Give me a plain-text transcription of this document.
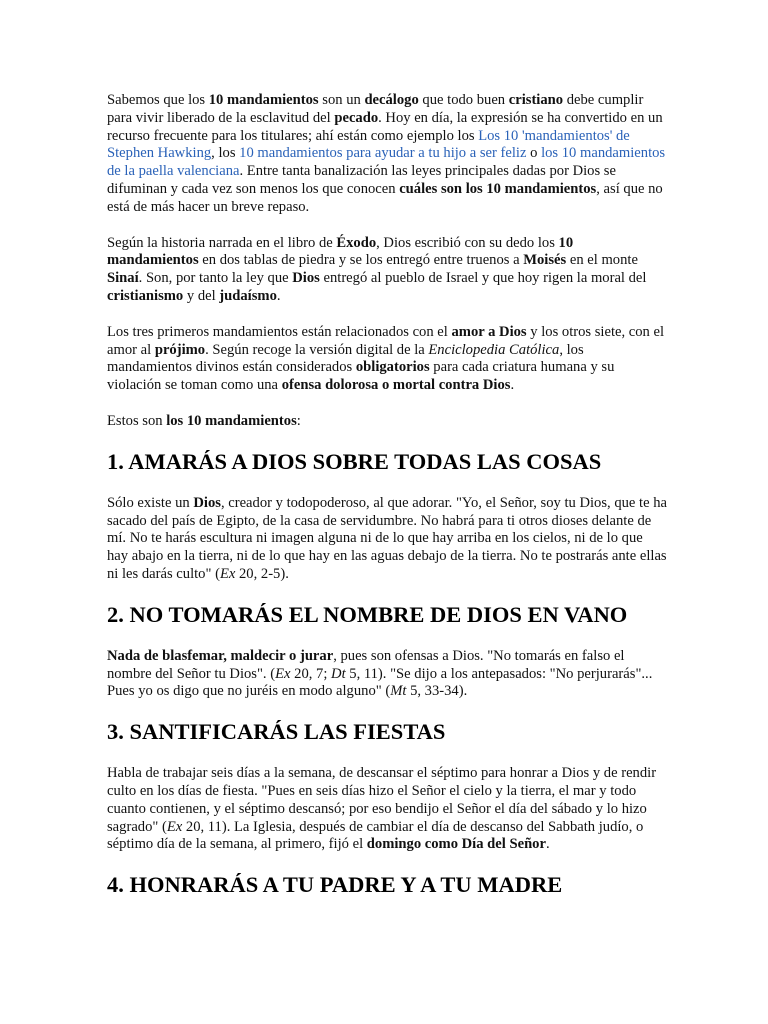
Sabemos que los 10 mandamientos son un decálogo que todo buen cristiano debe cumplir para vivir liberado de la esclavitud del pecado. Hoy en día, la expresión se ha convertido en un recurso frecuente para los titulares; ahí están como ejemplo los Los 10 'mandamientos' de Stephen Hawking, los 10 mandamientos para ayudar a tu hijo a ser feliz o los 10 mandamientos de la paella valenciana. Entre tanta banalización las leyes principales dadas por Dios se difuminan y cada vez son menos los que conocen cuáles son los 10 mandamientos, así que no está de más hacer un breve repaso.

Según la historia narrada en el libro de Éxodo, Dios escribió con su dedo los 10 mandamientos en dos tablas de piedra y se los entregó entre truenos a Moisés en el monte Sinaí. Son, por tanto la ley que Dios entregó al pueblo de Israel y que hoy rigen la moral del cristianismo y del judaísmo.

Los tres primeros mandamientos están relacionados con el amor a Dios y los otros siete, con el amor al prójimo. Según recoge la versión digital de la Enciclopedia Católica, los mandamientos divinos están considerados obligatorios para cada criatura humana y su violación se toman como una ofensa dolorosa o mortal contra Dios.

Estos son los 10 mandamientos:

1. AMARÁS A DIOS SOBRE TODAS LAS COSAS

Sólo existe un Dios, creador y todopoderoso, al que adorar. "Yo, el Señor, soy tu Dios, que te ha sacado del país de Egipto, de la casa de servidumbre. No habrá para ti otros dioses delante de mí. No te harás escultura ni imagen alguna ni de lo que hay arriba en los cielos, ni de lo que hay abajo en la tierra, ni de lo que hay en las aguas debajo de la tierra. No te postrarás ante ellas ni les darás culto" (Ex 20, 2-5).

2. NO TOMARÁS EL NOMBRE DE DIOS EN VANO

Nada de blasfemar, maldecir o jurar, pues son ofensas a Dios. "No tomarás en falso el nombre del Señor tu Dios". (Ex 20, 7; Dt 5, 11). "Se dijo a los antepasados: "No perjurarás"... Pues yo os digo que no juréis en modo alguno" (Mt 5, 33-34).

3. SANTIFICARÁS LAS FIESTAS

Habla de trabajar seis días a la semana, de descansar el séptimo para honrar a Dios y de rendir culto en los días de fiesta. "Pues en seis días hizo el Señor el cielo y la tierra, el mar y todo cuanto contienen, y el séptimo descansó; por eso bendijo el Señor el día del sábado y lo hizo sagrado" (Ex 20, 11). La Iglesia, después de cambiar el día de descanso del Sabbath judío, o séptimo día de la semana, al primero, fijó el domingo como Día del Señor.

4. HONRARÁS A TU PADRE Y A TU MADRE
